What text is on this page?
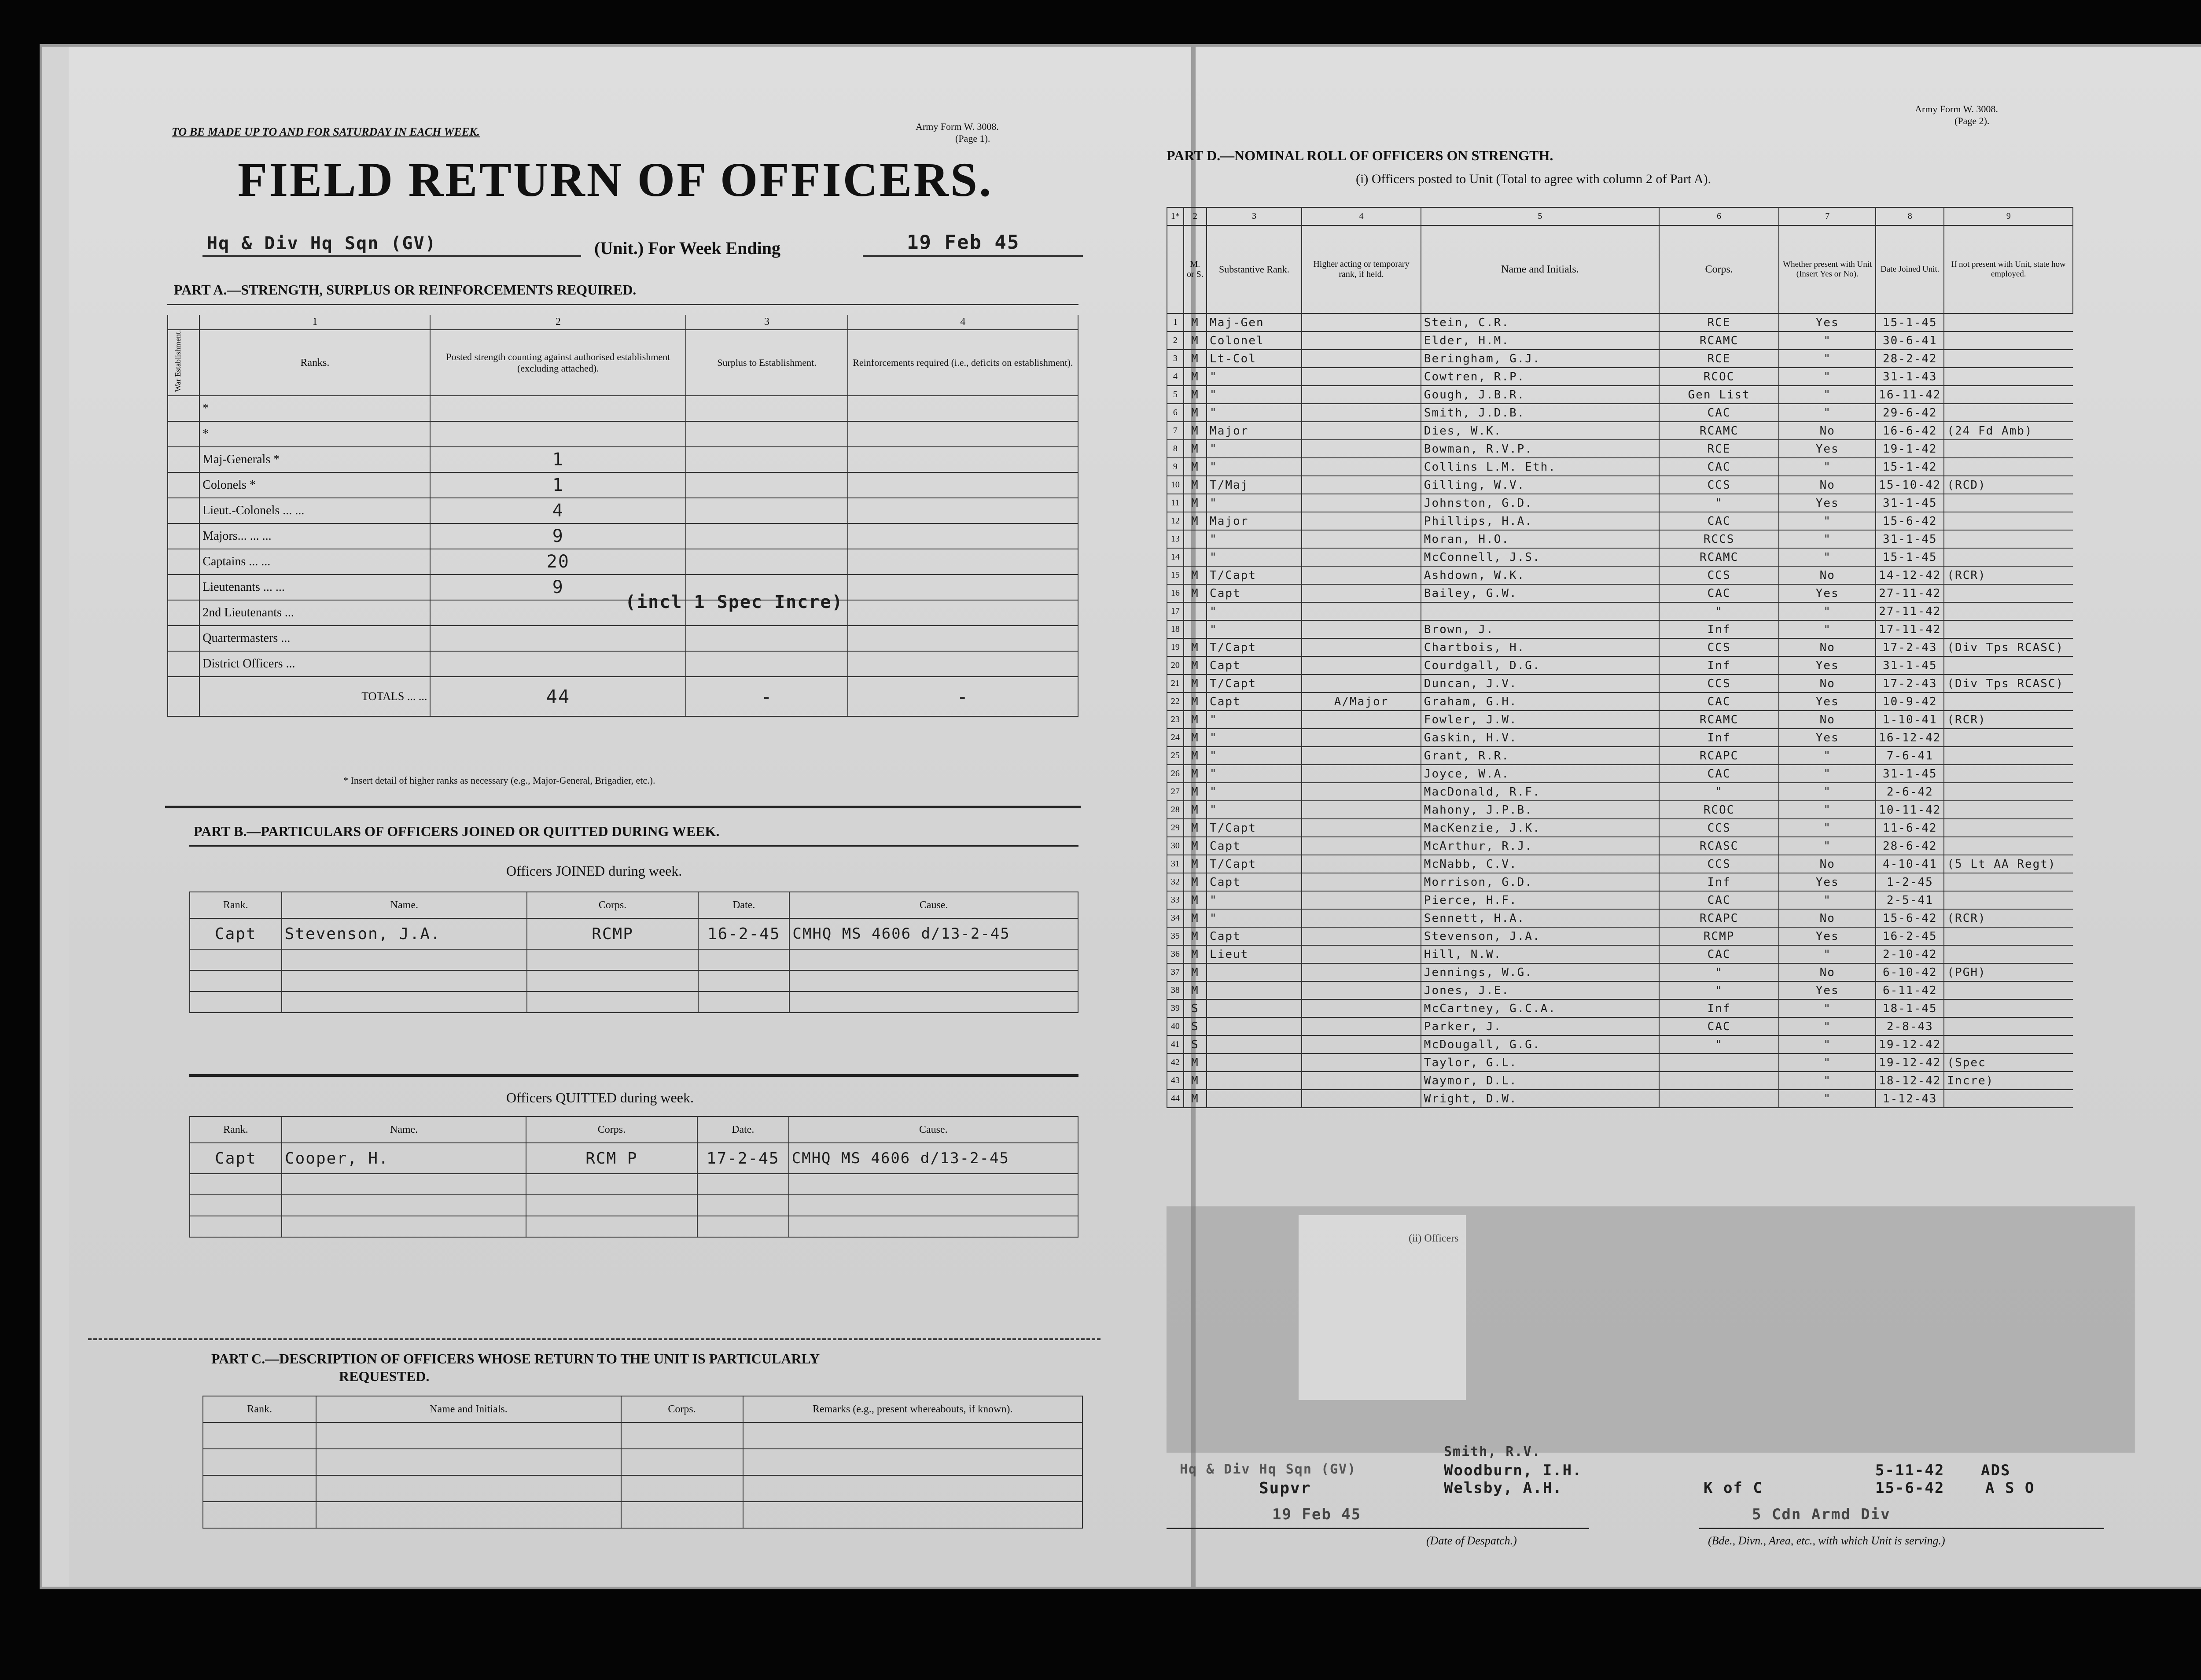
TO BE MADE UP TO AND FOR SATURDAY IN EACH WEEK.	Army Form W. 3008.
(Page 1).
FIELD RETURN OF OFFICERS.
Hq & Div Hq Sqn (GV)	(Unit.) For Week Ending	19 Feb 45
PART A.—STRENGTH, SURPLUS OR REINFORCEMENTS REQUIRED.
	1	2	3	4

War Establishment.	Ranks.	Posted strength counting against authorised establishment (excluding attached).	Surplus to Establishment.	Reinforcements required (i.e., deficits on establishment).
	*			
	*			
	Maj-Generals *	1		
	Colonels *	1		
	Lieut.-Colonels ... ...	4		
	Majors... ... ...	9		
	Captains ... ...	20		
	Lieutenants ... ...	9		
	2nd Lieutenants ...			
	Quartermasters ...			
	District Officers ...			
	TOTALS ... ...	44	-	-
(incl 1 Spec Incre)
* Insert detail of higher ranks as necessary (e.g., Major-General, Brigadier, etc.).
PART B.—PARTICULARS OF OFFICERS JOINED OR QUITTED DURING WEEK.
Officers JOINED during week.
Rank.	Name.	Corps.	Date.	Cause.
Capt	Stevenson, J.A.	RCMP	16-2-45	CMHQ MS 4606 d/13-2-45

Officers QUITTED during week.
Rank.	Name.	Corps.	Date.	Cause.
Capt	Cooper, H.	RCM P	17-2-45	CMHQ MS 4606 d/13-2-45

PART C.—DESCRIPTION OF OFFICERS WHOSE RETURN TO THE UNIT IS PARTICULARLY
REQUESTED.
Rank.	Name and Initials.	Corps.	Remarks (e.g., present whereabouts, if known).

Army Form W. 3008.
(Page 2).
PART D.—NOMINAL ROLL OF OFFICERS ON STRENGTH.
(i) Officers posted to Unit (Total to agree with column 2 of Part A).
1*	2	3	4	5	6	7	8	9
	M. or S.	Substantive Rank.	Higher acting or temporary rank, if held.	Name and Initials.	Corps.	Whether present with Unit (Insert Yes or No).	Date Joined Unit.	If not present with Unit, state how employed.
1	M	Maj-Gen		Stein, C.R.	RCE	Yes	15-1-45	
2	M	Colonel		Elder, H.M.	RCAMC	"	30-6-41	
3	M	Lt-Col		Beringham, G.J.	RCE	"	28-2-42	
4	M	"		Cowtren, R.P.	RCOC	"	31-1-43	
5	M	"		Gough, J.B.R.	Gen List	"	16-11-42	
6	M	"		Smith, J.D.B.	CAC	"	29-6-42	
7	M	Major		Dies, W.K.	RCAMC	No	16-6-42	(24 Fd Amb)
8	M	"		Bowman, R.V.P.	RCE	Yes	19-1-42	
9	M	"		Collins L.M. Eth.	CAC	"	15-1-42	
10	M	T/Maj		Gilling, W.V.	CCS	No	15-10-42	(RCD)
11	M	"		Johnston, G.D.	"	Yes	31-1-45	
12	M	Major		Phillips, H.A.	CAC	"	15-6-42	
13		"		Moran, H.O.	RCCS	"	31-1-45	
14		"		McConnell, J.S.	RCAMC	"	15-1-45	
15	M	T/Capt		Ashdown, W.K.	CCS	No	14-12-42	(RCR)
16	M	Capt		Bailey, G.W.	CAC	Yes	27-11-42	
17		"			"	"	27-11-42	
18		"		Brown, J.	Inf	"	17-11-42	
19	M	T/Capt		Chartbois, H.	CCS	No	17-2-43	(Div Tps RCASC)
20	M	Capt		Courdgall, D.G.	Inf	Yes	31-1-45	
21	M	T/Capt		Duncan, J.V.	CCS	No	17-2-43	(Div Tps RCASC)
22	M	Capt	A/Major	Graham, G.H.	CAC	Yes	10-9-42	
23	M	"		Fowler, J.W.	RCAMC	No	1-10-41	(RCR)
24	M	"		Gaskin, H.V.	Inf	Yes	16-12-42	
25	M	"		Grant, R.R.	RCAPC	"	7-6-41	
26	M	"		Joyce, W.A.	CAC	"	31-1-45	
27	M	"		MacDonald, R.F.	"	"	2-6-42	
28	M	"		Mahony, J.P.B.	RCOC	"	10-11-42	
29	M	T/Capt		MacKenzie, J.K.	CCS	"	11-6-42	
30	M	Capt		McArthur, R.J.	RCASC	"	28-6-42	
31	M	T/Capt		McNabb, C.V.	CCS	No	4-10-41	(5 Lt AA Regt)
32	M	Capt		Morrison, G.D.	Inf	Yes	1-2-45	
33	M	"		Pierce, H.F.	CAC	"	2-5-41	
34	M	"		Sennett, H.A.	RCAPC	No	15-6-42	(RCR)
35	M	Capt		Stevenson, J.A.	RCMP	Yes	16-2-45	
36	M	Lieut		Hill, N.W.	CAC	"	2-10-42	
37	M			Jennings, W.G.	"	No	6-10-42	(PGH)
38	M			Jones, J.E.	"	Yes	6-11-42	
39	S			McCartney, G.C.A.	Inf	"	18-1-45	
40	S			Parker, J.	CAC	"	2-8-43	
41	S			McDougall, G.G.	"	"	19-12-42	
42	M			Taylor, G.L.		"	19-12-42	(Spec
43	M			Waymor, D.L.		"	18-12-42	Incre)
44	M			Wright, D.W.		"	1-12-43	
(ii) Officers
Smith, R.V.
Woodburn, I.H.	5-11-42 ADS
Welsby, A.H.	K of C	15-6-42	A S O
Hq & Div Hq Sqn (GV)
Supvr
19 Feb 45
(Date of Despatch.)
5 Cdn Armd Div
(Bde., Divn., Area, etc., with which Unit is serving.)
